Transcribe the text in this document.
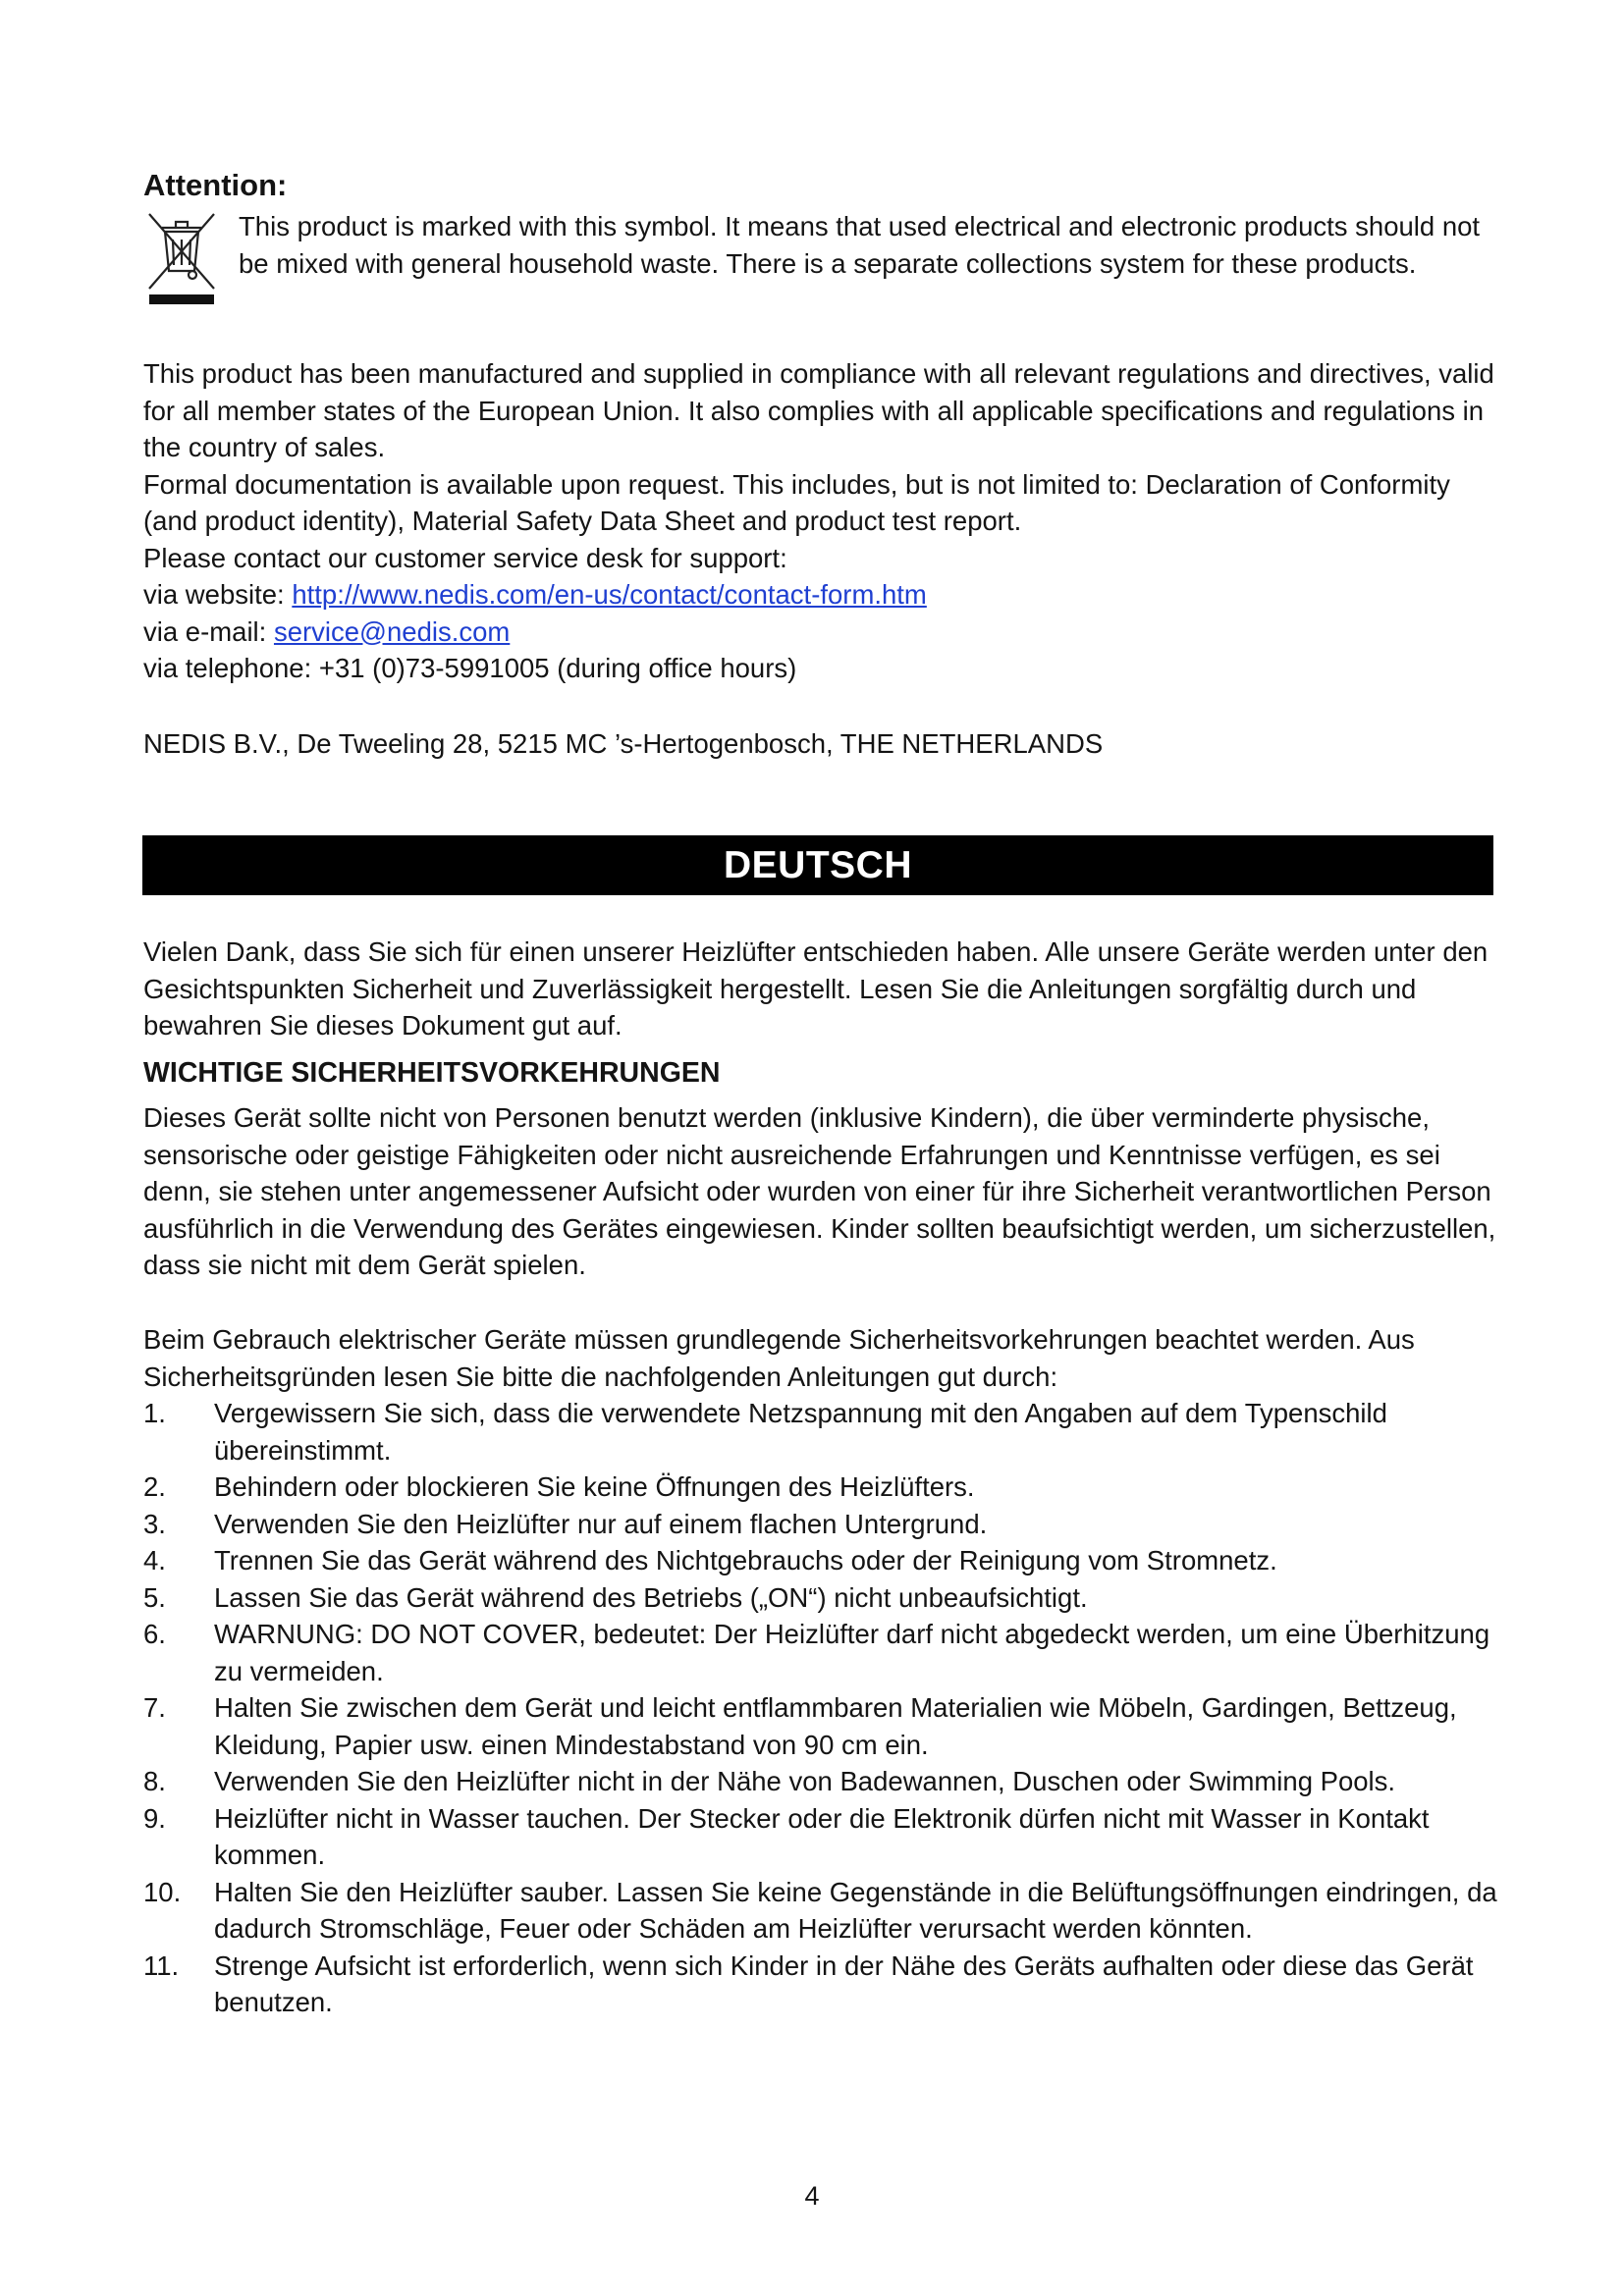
Attention:
This product is marked with this symbol. It means that used electrical and electronic products should not be mixed with general household waste. There is a separate collections system for these products.

This product has been manufactured and supplied in compliance with all relevant regulations and directives, valid for all member states of the European Union. It also complies with all applicable specifications and regulations in the country of sales.

Formal documentation is available upon request. This includes, but is not limited to: Declaration of Conformity (and product identity), Material Safety Data Sheet and product test report.

Please contact our customer service desk for support:

via website: http://www.nedis.com/en-us/contact/contact-form.htm

via e-mail: service@nedis.com

via telephone: +31 (0)73-5991005 (during office hours)

NEDIS B.V., De Tweeling 28, 5215 MC ’s-Hertogenbosch, THE NETHERLANDS
DEUTSCH
Vielen Dank, dass Sie sich für einen unserer Heizlüfter entschieden haben. Alle unsere Geräte werden unter den Gesichtspunkten Sicherheit und Zuverlässigkeit hergestellt. Lesen Sie die Anleitungen sorgfältig durch und bewahren Sie dieses Dokument gut auf.
WICHTIGE SICHERHEITSVORKEHRUNGEN
Dieses Gerät sollte nicht von Personen benutzt werden (inklusive Kindern), die über verminderte physische, sensorische oder geistige Fähigkeiten oder nicht ausreichende Erfahrungen und Kenntnisse verfügen, es sei denn, sie stehen unter angemessener Aufsicht oder wurden von einer für ihre Sicherheit verantwortlichen Person ausführlich in die Verwendung des Gerätes eingewiesen. Kinder sollten beaufsichtigt werden, um sicherzustellen, dass sie nicht mit dem Gerät spielen.
Beim Gebrauch elektrischer Geräte müssen grundlegende Sicherheitsvorkehrungen beachtet werden. Aus Sicherheitsgründen lesen Sie bitte die nachfolgenden Anleitungen gut durch:
1. Vergewissern Sie sich, dass die verwendete Netzspannung mit den Angaben auf dem Typenschild übereinstimmt.
2. Behindern oder blockieren Sie keine Öffnungen des Heizlüfters.
3. Verwenden Sie den Heizlüfter nur auf einem flachen Untergrund.
4. Trennen Sie das Gerät während des Nichtgebrauchs oder der Reinigung vom Stromnetz.
5. Lassen Sie das Gerät während des Betriebs („ON“) nicht unbeaufsichtigt.
6. WARNUNG: DO NOT COVER, bedeutet: Der Heizlüfter darf nicht abgedeckt werden, um eine Überhitzung zu vermeiden.
7. Halten Sie zwischen dem Gerät und leicht entflammbaren Materialien wie Möbeln, Gardingen, Bettzeug, Kleidung, Papier usw. einen Mindestabstand von 90 cm ein.
8. Verwenden Sie den Heizlüfter nicht in der Nähe von Badewannen, Duschen oder Swimming Pools.
9. Heizlüfter nicht in Wasser tauchen. Der Stecker oder die Elektronik dürfen nicht mit Wasser in Kontakt kommen.
10. Halten Sie den Heizlüfter sauber. Lassen Sie keine Gegenstände in die Belüftungsöffnungen eindringen, da dadurch Stromschläge, Feuer oder Schäden am Heizlüfter verursacht werden könnten.
11. Strenge Aufsicht ist erforderlich, wenn sich Kinder in der Nähe des Geräts aufhalten oder diese das Gerät benutzen.
4
